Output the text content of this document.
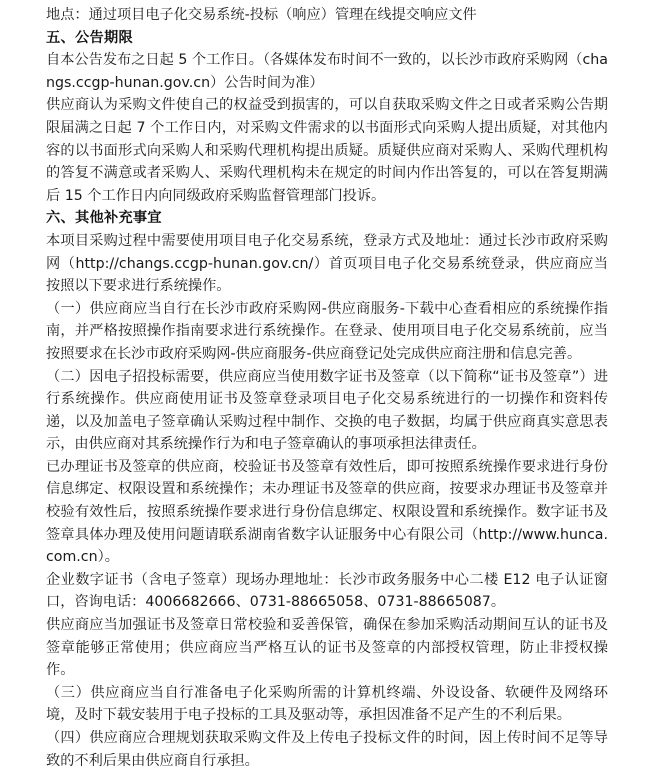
地点：通过项目电子化交易系统-投标（响应）管理在线提交响应文件
五、公告期限

自本公告发布之日起 5 个工作日。（各媒体发布时间不一致的，以长沙市政府采购网（changs.ccgp-hunan.gov.cn）公告时间为准）

供应商认为采购文件使自己的权益受到损害的，可以自获取采购文件之日或者采购公告期限届满之日起 7 个工作日内，对采购文件需求的以书面形式向采购人提出质疑，对其他内容的以书面形式向采购人和采购代理机构提出质疑。质疑供应商对采购人、采购代理机构的答复不满意或者采购人、采购代理机构未在规定的时间内作出答复的，可以在答复期满后 15 个工作日内向同级政府采购监督管理部门投诉。

六、其他补充事宜

本项目采购过程中需要使用项目电子化交易系统，登录方式及地址：通过长沙市政府采购网（http://changs.ccgp-hunan.gov.cn/）首页项目电子化交易系统登录，供应商应当按照以下要求进行系统操作。

（一）供应商应当自行在长沙市政府采购网-供应商服务-下载中心查看相应的系统操作指南，并严格按照操作指南要求进行系统操作。在登录、使用项目电子化交易系统前，应当按照要求在长沙市政府采购网-供应商服务-供应商登记处完成供应商注册和信息完善。

（二）因电子招投标需要，供应商应当使用数字证书及签章（以下简称“证书及签章”）进行系统操作。供应商使用证书及签章登录项目电子化交易系统进行的一切操作和资料传递，以及加盖电子签章确认采购过程中制作、交换的电子数据，均属于供应商真实意思表示，由供应商对其系统操作行为和电子签章确认的事项承担法律责任。

已办理证书及签章的供应商，校验证书及签章有效性后，即可按照系统操作要求进行身份信息绑定、权限设置和系统操作；未办理证书及签章的供应商，按要求办理证书及签章并校验有效性后，按照系统操作要求进行身份信息绑定、权限设置和系统操作。数字证书及签章具体办理及使用问题请联系湖南省数字认证服务中心有限公司（http://www.hunca.com.cn）。

企业数字证书（含电子签章）现场办理地址：长沙市政务服务中心二楼 E12 电子认证窗口，咨询电话：4006682666、0731-88665058、0731-88665087。

供应商应当加强证书及签章日常校验和妥善保管，确保在参加采购活动期间互认的证书及签章能够正常使用；供应商应当严格互认的证书及签章的内部授权管理，防止非授权操作。

（三）供应商应当自行准备电子化采购所需的计算机终端、外设设备、软硬件及网络环境，及时下载安装用于电子投标的工具及驱动等，承担因准备不足产生的不利后果。

（四）供应商应合理规划获取采购文件及上传电子投标文件的时间，因上传时间不足等导致的不利后果由供应商自行承担。
